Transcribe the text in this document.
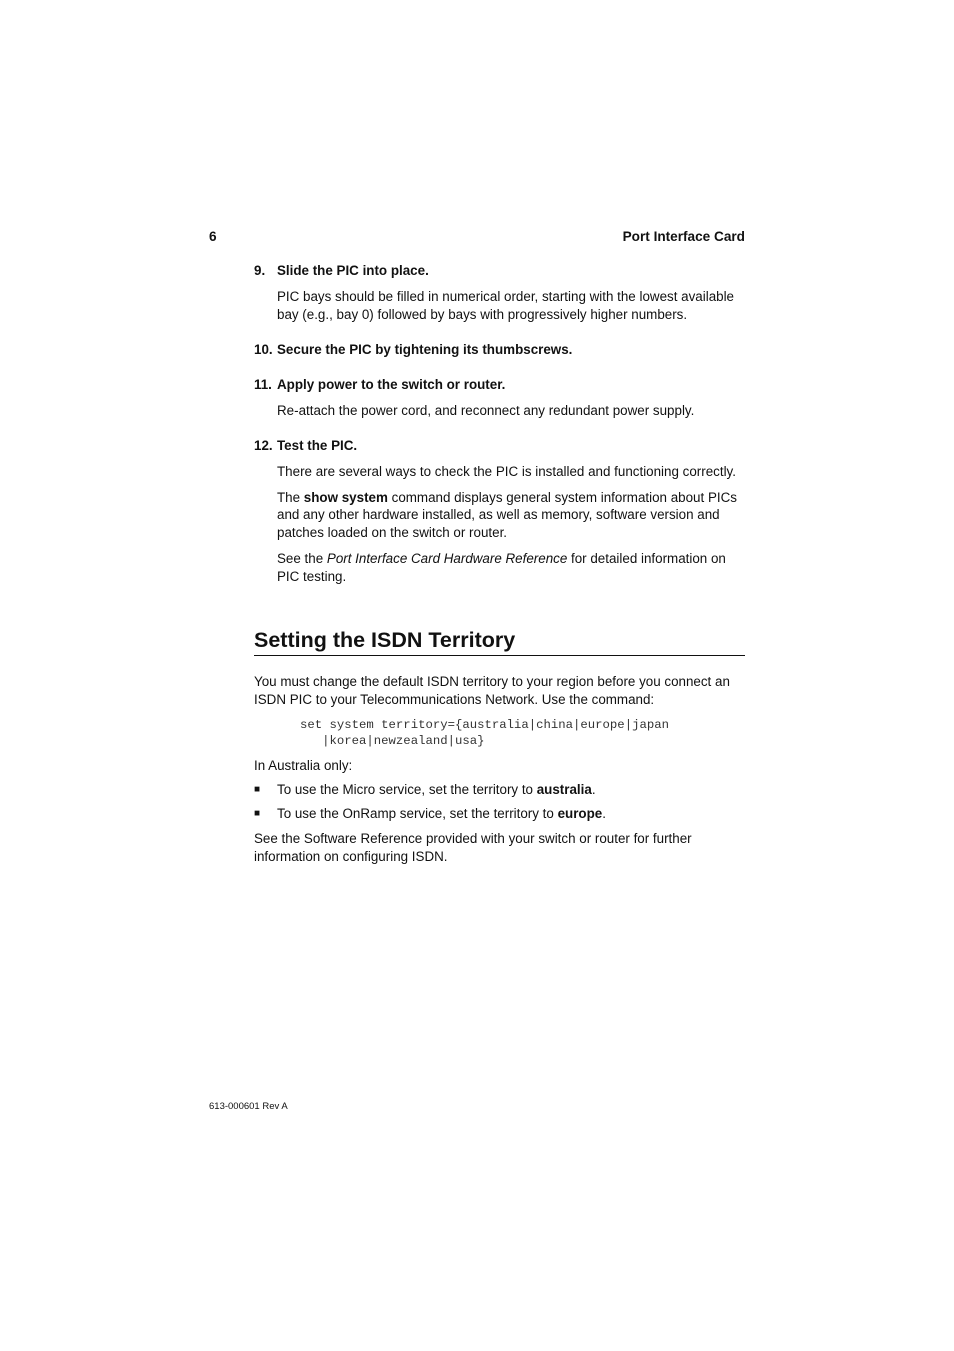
6	Port Interface Card
9. Slide the PIC into place.

PIC bays should be filled in numerical order, starting with the lowest available bay (e.g., bay 0) followed by bays with progressively higher numbers.

10. Secure the PIC by tightening its thumbscrews.
11. Apply power to the switch or router.

Re-attach the power cord, and reconnect any redundant power supply.

12. Test the PIC.

There are several ways to check the PIC is installed and functioning correctly.

The show system command displays general system information about PICs and any other hardware installed, as well as memory, software version and patches loaded on the switch or router.

See the Port Interface Card Hardware Reference for detailed information on PIC testing.

Setting the ISDN Territory

You must change the default ISDN territory to your region before you connect an ISDN PIC to your Telecommunications Network. Use the command:

set system territory={australia|china|europe|japan
|korea|newzealand|usa}

In Australia only:

■	To use the Micro service, set the territory to australia.
■	To use the OnRamp service, set the territory to europe.

See the Software Reference provided with your switch or router for further information on configuring ISDN.

613-000601 Rev A
